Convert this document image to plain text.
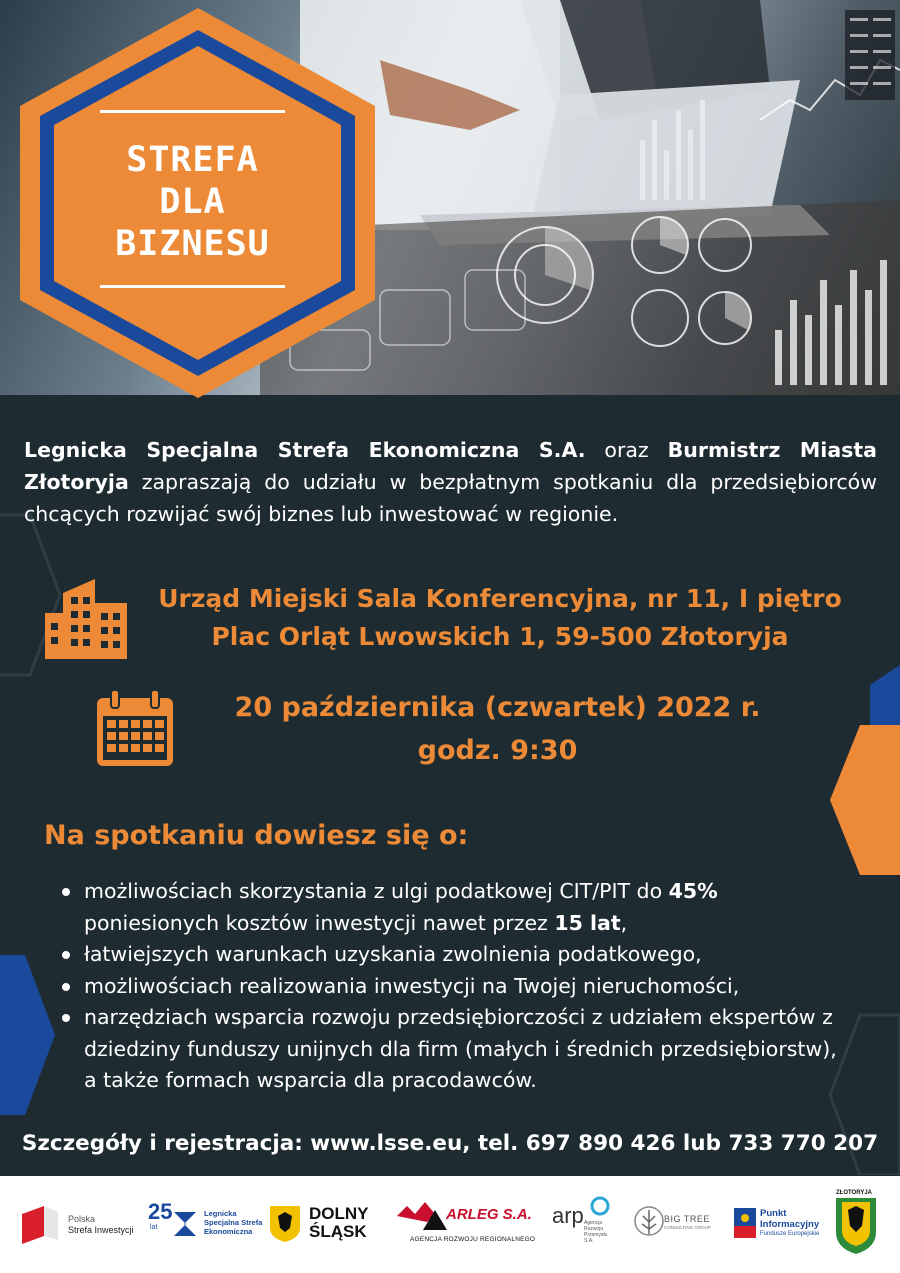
STREFA
DLA
BIZNESU
Legnicka Specjalna Strefa Ekonomiczna S.A. oraz Burmistrz Miasta Złotoryja zapraszają do udziału w bezpłatnym spotkaniu dla przedsiębiorców chcących rozwijać swój biznes lub inwestować w regionie.
Urząd Miejski Sala Konferencyjna, nr 11, I piętro
Plac Orląt Lwowskich 1, 59-500 Złotoryja
20 października (czwartek) 2022 r.
godz. 9:30
Na spotkaniu dowiesz się o:
możliwościach skorzystania z ulgi podatkowej CIT/PIT do 45% poniesionych kosztów inwestycji nawet przez 15 lat,
łatwiejszych warunkach uzyskania zwolnienia podatkowego,
możliwościach realizowania inwestycji na Twojej nieruchomości,
narzędziach wsparcia rozwoju przedsiębiorczości z udziałem ekspertów z dziedziny funduszy unijnych dla firm (małych i średnich przedsiębiorstw), a także formach wsparcia dla pracodawców.
Szczegóły i rejestracja: www.lsse.eu, tel. 697 890 426 lub 733 770 207
Polska
Strefa Inwestycji
25
lat
Legnicka
Specjalna Strefa
Ekonomiczna
DOLNY
ŚLĄSK
ARLEG S.A.
AGENCJA ROZWOJU REGIONALNEGO
arp Agencja
Rozwoju
Przemysłu
S.A.
BIG TREE
CONSULTING GROUP
Punkt
Informacyjny
Fundusze Europejskie
ZŁOTORYJA
